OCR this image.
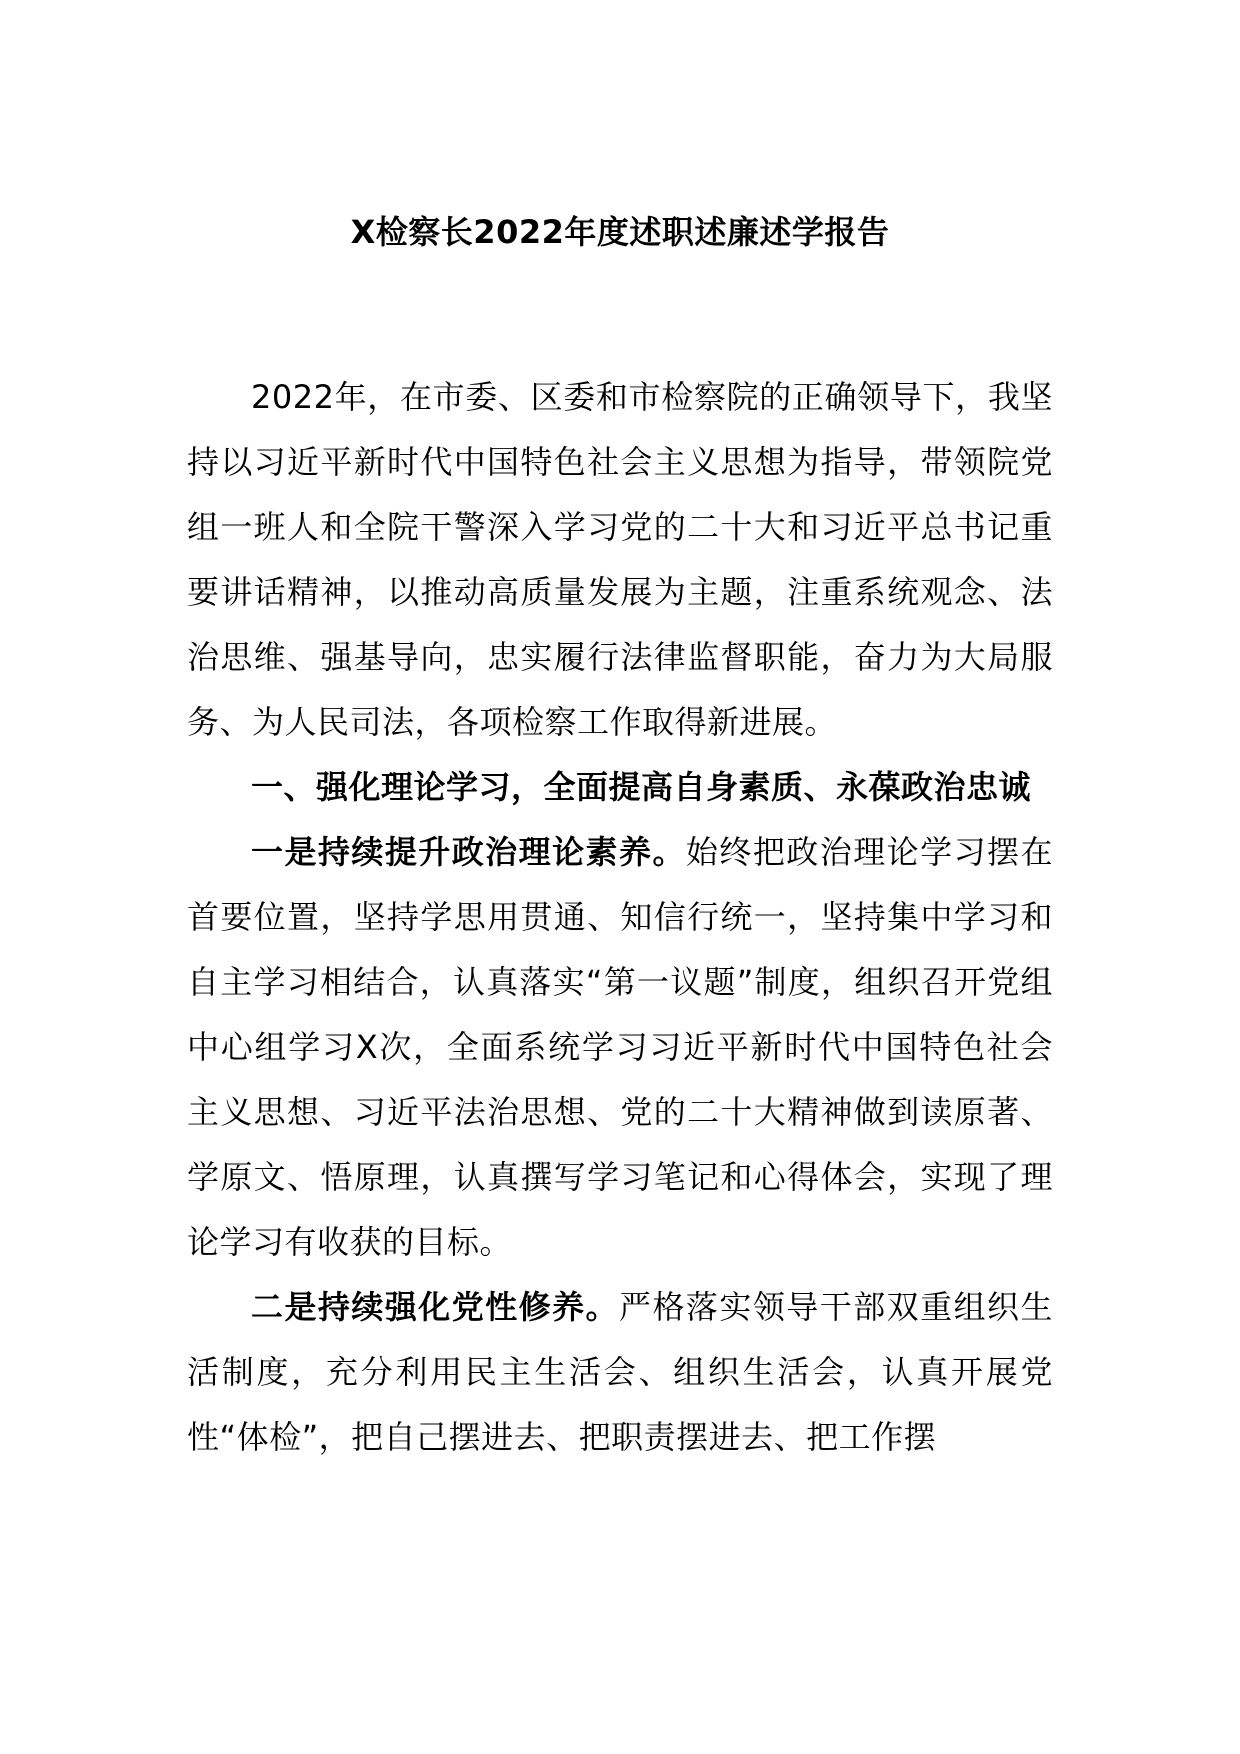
X检察长2022年度述职述廉述学报告

2022年，在市委、区委和市检察院的正确领导下，我坚持以习近平新时代中国特色社会主义思想为指导，带领院党组一班人和全院干警深入学习党的二十大和习近平总书记重要讲话精神，以推动高质量发展为主题，注重系统观念、法治思维、强基导向，忠实履行法律监督职能，奋力为大局服务、为人民司法，各项检察工作取得新进展。

一、强化理论学习，全面提高自身素质、永葆政治忠诚

一是持续提升政治理论素养。始终把政治理论学习摆在首要位置，坚持学思用贯通、知信行统一，坚持集中学习和自主学习相结合，认真落实“第一议题”制度，组织召开党组中心组学习X次，全面系统学习习近平新时代中国特色社会主义思想、习近平法治思想、党的二十大精神做到读原著、学原文、悟原理，认真撰写学习笔记和心得体会，实现了理论学习有收获的目标。

二是持续强化党性修养。严格落实领导干部双重组织生活制度，充分利用民主生活会、组织生活会，认真开展党性“体检”，把自己摆进去、把职责摆进去、把工作摆
